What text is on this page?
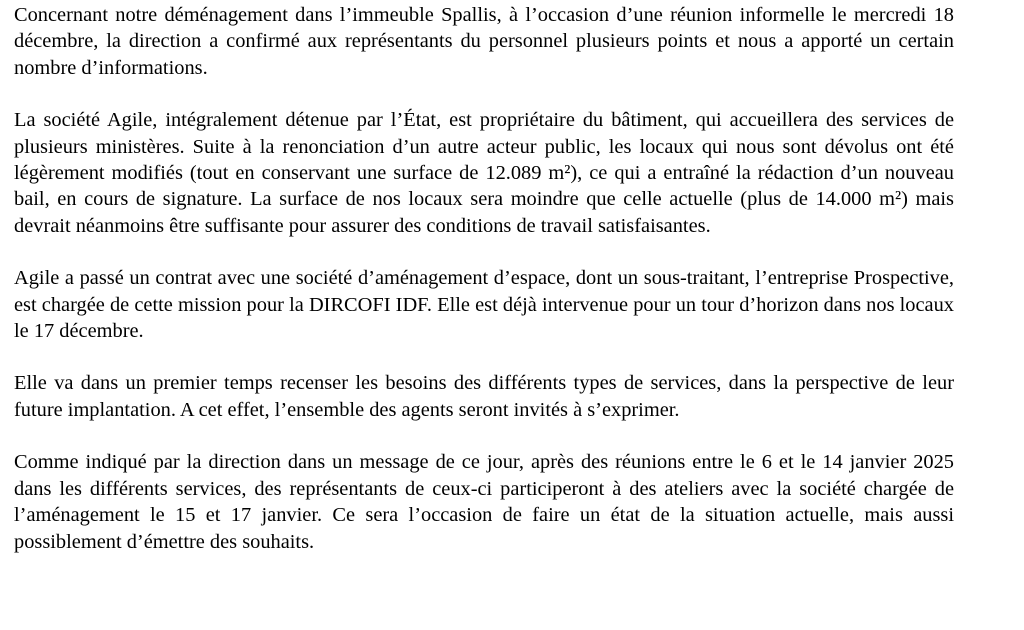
Concernant notre déménagement dans l’immeuble Spallis, à l’occasion d’une réunion informelle le mercredi 18 décembre, la direction a confirmé aux représentants du personnel plusieurs points et nous a apporté un certain nombre d’informations.

La société Agile, intégralement détenue par l’État, est propriétaire du bâtiment, qui accueillera des services de plusieurs ministères. Suite à la renonciation d’un autre acteur public, les locaux qui nous sont dévolus ont été légèrement modifiés (tout en conservant une surface de 12.089 m²), ce qui a entraîné la rédaction d’un nouveau bail, en cours de signature. La surface de nos locaux sera moindre que celle actuelle (plus de 14.000 m²) mais devrait néanmoins être suffisante pour assurer des conditions de travail satisfaisantes.

Agile a passé un contrat avec une société d’aménagement d’espace, dont un sous-traitant, l’entreprise Prospective, est chargée de cette mission pour la DIRCOFI IDF. Elle est déjà intervenue pour un tour d’horizon dans nos locaux le 17 décembre.

Elle va dans un premier temps recenser les besoins des différents types de services, dans la perspective de leur future implantation. A cet effet, l’ensemble des agents seront invités à s’exprimer.

Comme indiqué par la direction dans un message de ce jour, après des réunions entre le 6 et le 14 janvier 2025 dans les différents services, des représentants de ceux-ci participeront à des ateliers avec la société chargée de l’aménagement le 15 et 17 janvier. Ce sera l’occasion de faire un état de la situation actuelle, mais aussi possiblement d’émettre des souhaits.
